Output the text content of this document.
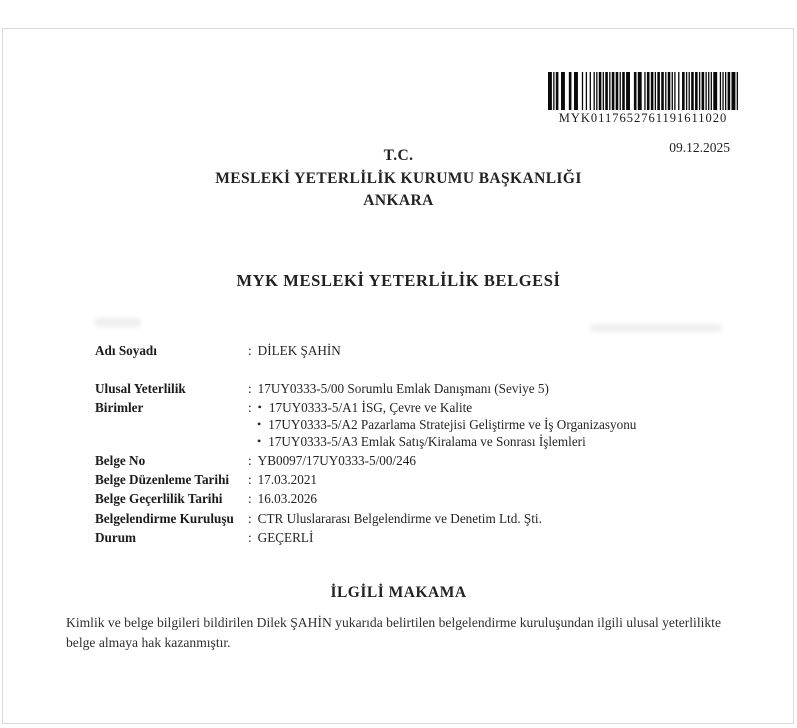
MYK0117652761191611020
09.12.2025
T.C.
MESLEKİ YETERLİLİK KURUMU BAŞKANLIĞI
ANKARA
MYK MESLEKİ YETERLİLİK BELGESİ
Adı Soyadı	: DİLEK ŞAHİN
Ulusal Yeterlilik	: 17UY0333-5/00 Sorumlu Emlak Danışmanı (Seviye 5)
Birimler	: • 17UY0333-5/A1 İSG, Çevre ve Kalite
• 17UY0333-5/A2 Pazarlama Stratejisi Geliştirme ve İş Organizasyonu
• 17UY0333-5/A3 Emlak Satış/Kiralama ve Sonrası İşlemleri
Belge No	: YB0097/17UY0333-5/00/246
Belge Düzenleme Tarihi : 17.03.2021
Belge Geçerlilik Tarihi : 16.03.2026
Belgelendirme Kuruluşu : CTR Uluslararası Belgelendirme ve Denetim Ltd. Şti.
Durum	: GEÇERLİ
İLGİLİ MAKAMA
Kimlik ve belge bilgileri bildirilen Dilek ŞAHİN yukarıda belirtilen belgelendirme kuruluşundan ilgili ulusal yeterlilikte belge almaya hak kazanmıştır.
